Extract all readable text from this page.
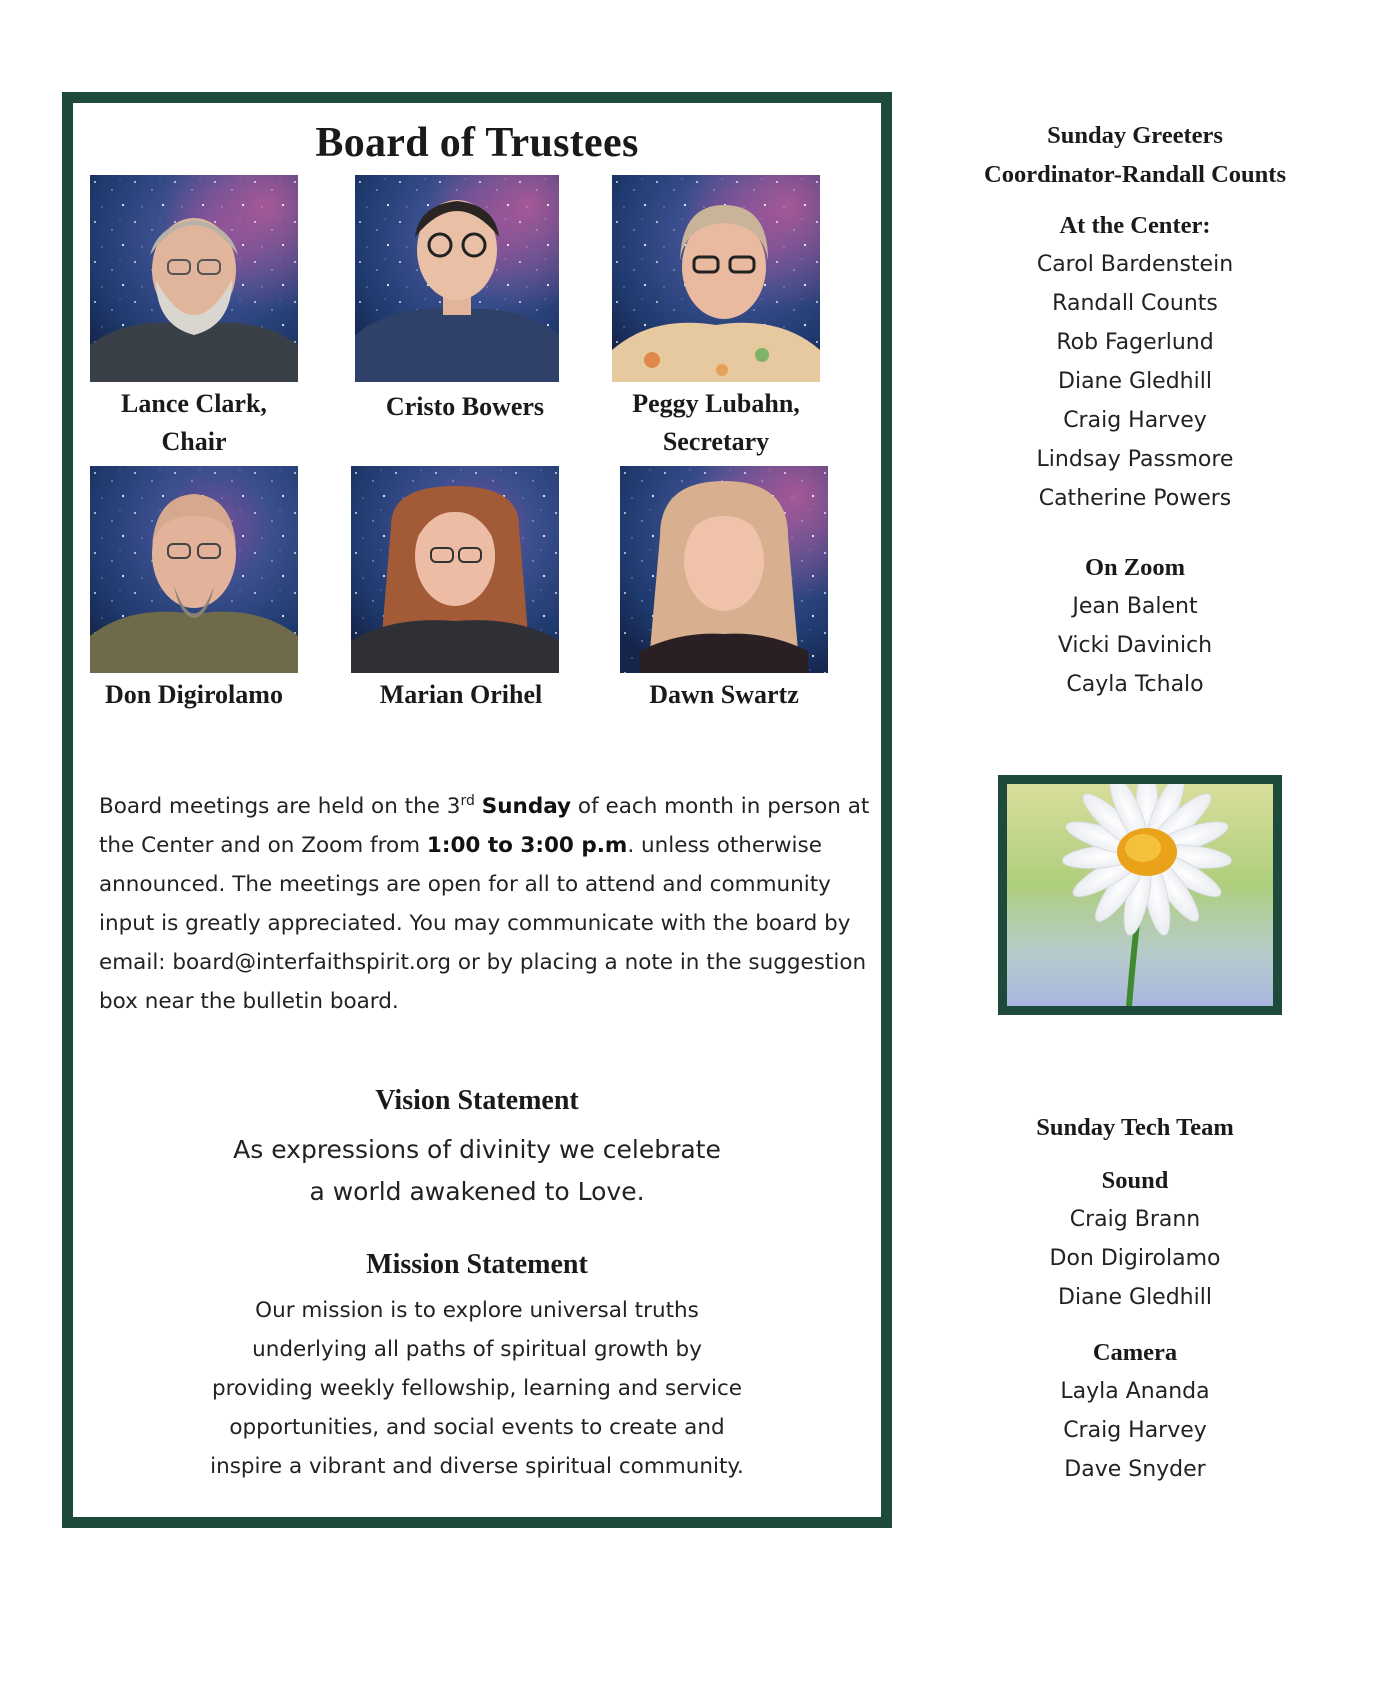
Board of Trustees
Lance Clark,
Chair
Cristo Bowers	Peggy Lubahn,
Secretary
Don Digirolamo	Marian Orihel	Dawn Swartz

Board meetings are held on the 3rd Sunday of each month in person at the Center and on Zoom from 1:00 to 3:00 p.m. unless otherwise announced. The meetings are open for all to attend and community input is greatly appreciated. You may communicate with the board by email: board@interfaithspirit.org or by placing a note in the suggestion box near the bulletin board.

Vision Statement

As expressions of divinity we celebrate
a world awakened to Love.

Mission Statement

Our mission is to explore universal truths
underlying all paths of spiritual growth by
providing weekly fellowship, learning and service
opportunities, and social events to create and
inspire a vibrant and diverse spiritual community.

Sunday Greeters
Coordinator-Randall Counts
At the Center:
Carol Bardenstein
Randall Counts
Rob Fagerlund
Diane Gledhill
Craig Harvey
Lindsay Passmore
Catherine Powers
On Zoom
Jean Balent
Vicki Davinich
Cayla Tchalo
Sunday Tech Team
Sound
Craig Brann
Don Digirolamo
Diane Gledhill
Camera
Layla Ananda
Craig Harvey
Dave Snyder
